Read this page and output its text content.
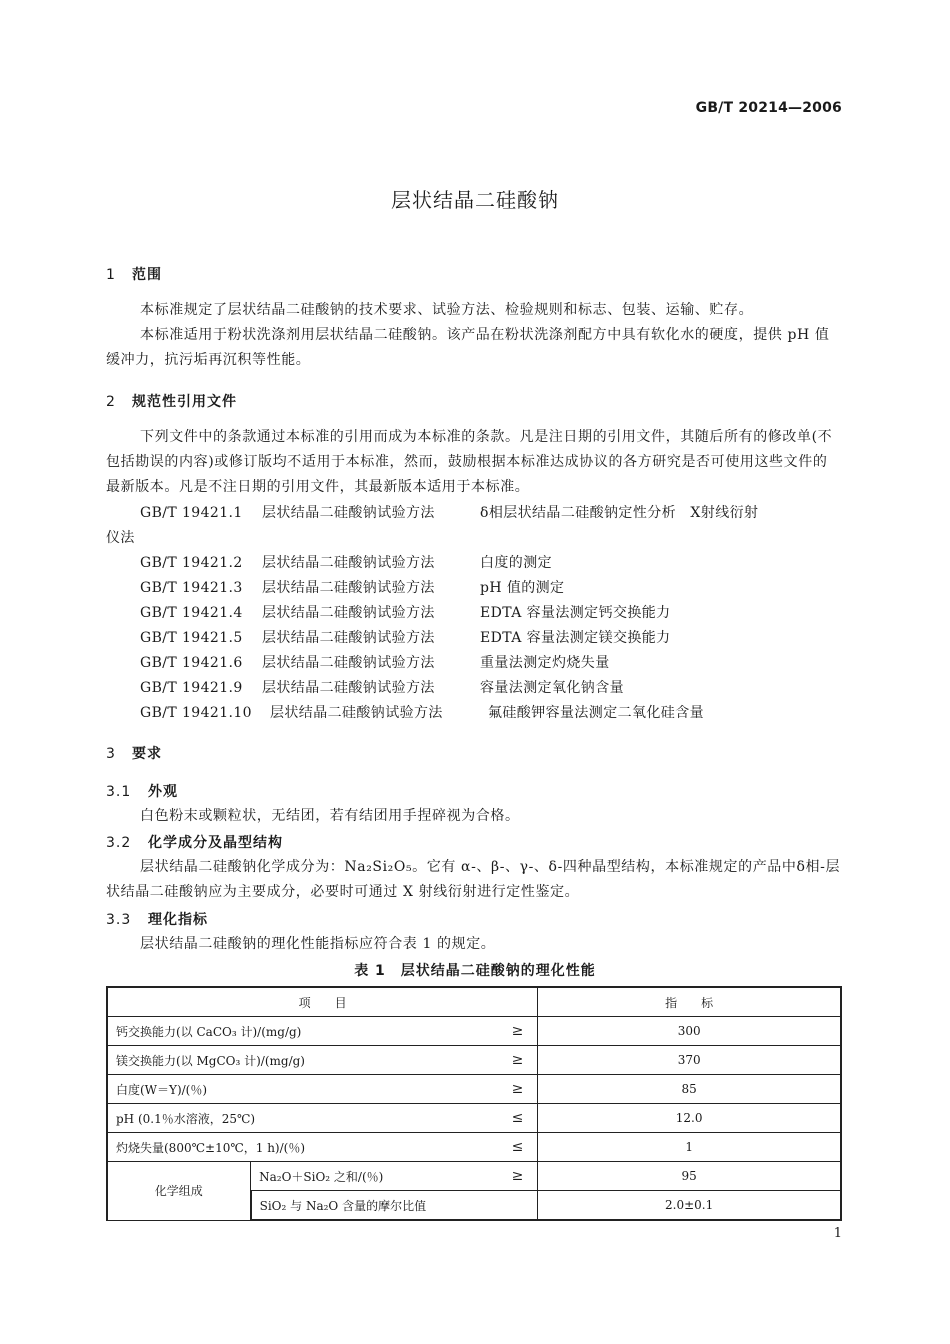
GB/T 20214—2006
层状结晶二硅酸钠
1 范围
本标准规定了层状结晶二硅酸钠的技术要求、试验方法、检验规则和标志、包装、运输、贮存。
本标准适用于粉状洗涤剂用层状结晶二硅酸钠。该产品在粉状洗涤剂配方中具有软化水的硬度，提供 pH 值缓冲力，抗污垢再沉积等性能。
2 规范性引用文件
下列文件中的条款通过本标准的引用而成为本标准的条款。凡是注日期的引用文件，其随后所有的修改单(不包括勘误的内容)或修订版均不适用于本标准，然而，鼓励根据本标准达成协议的各方研究是否可使用这些文件的最新版本。凡是不注日期的引用文件，其最新版本适用于本标准。
GB/T 19421.1 层状结晶二硅酸钠试验方法	δ相层状结晶二硅酸钠定性分析　X射线衍射
仪法
GB/T 19421.2 层状结晶二硅酸钠试验方法	白度的测定
GB/T 19421.3 层状结晶二硅酸钠试验方法	pH 值的测定
GB/T 19421.4 层状结晶二硅酸钠试验方法	EDTA 容量法测定钙交换能力
GB/T 19421.5 层状结晶二硅酸钠试验方法	EDTA 容量法测定镁交换能力
GB/T 19421.6 层状结晶二硅酸钠试验方法	重量法测定灼烧失量
GB/T 19421.9 层状结晶二硅酸钠试验方法	容量法测定氧化钠含量
GB/T 19421.10 层状结晶二硅酸钠试验方法	氟硅酸钾容量法测定二氧化硅含量
3 要求
3.1 外观
白色粉末或颗粒状，无结团，若有结团用手捏碎视为合格。
3.2 化学成分及晶型结构
层状结晶二硅酸钠化学成分为：Na₂Si₂O₅。它有 α-、β-、γ-、δ-四种晶型结构，本标准规定的产品中δ相-层状结晶二硅酸钠应为主要成分，必要时可通过 X 射线衍射进行定性鉴定。
3.3 理化指标
层状结晶二硅酸钠的理化性能指标应符合表 1 的规定。
表 1　层状结晶二硅酸钠的理化性能
项　　目		指　　标
钙交换能力(以 CaCO₃ 计)/(mg/g) ≥		300
镁交换能力(以 MgCO₃ 计)/(mg/g) ≥		370
白度(W＝Y)/(％) ≥		85
pH (0.1％水溶液，25℃) ≤		12.0
灼烧失量(800℃±10℃，1 h)/(％) ≤		1
化学组成	Na₂O＋SiO₂ 之和/(％) ≥	95
	SiO₂ 与 Na₂O 含量的摩尔比值	2.0±0.1
1
